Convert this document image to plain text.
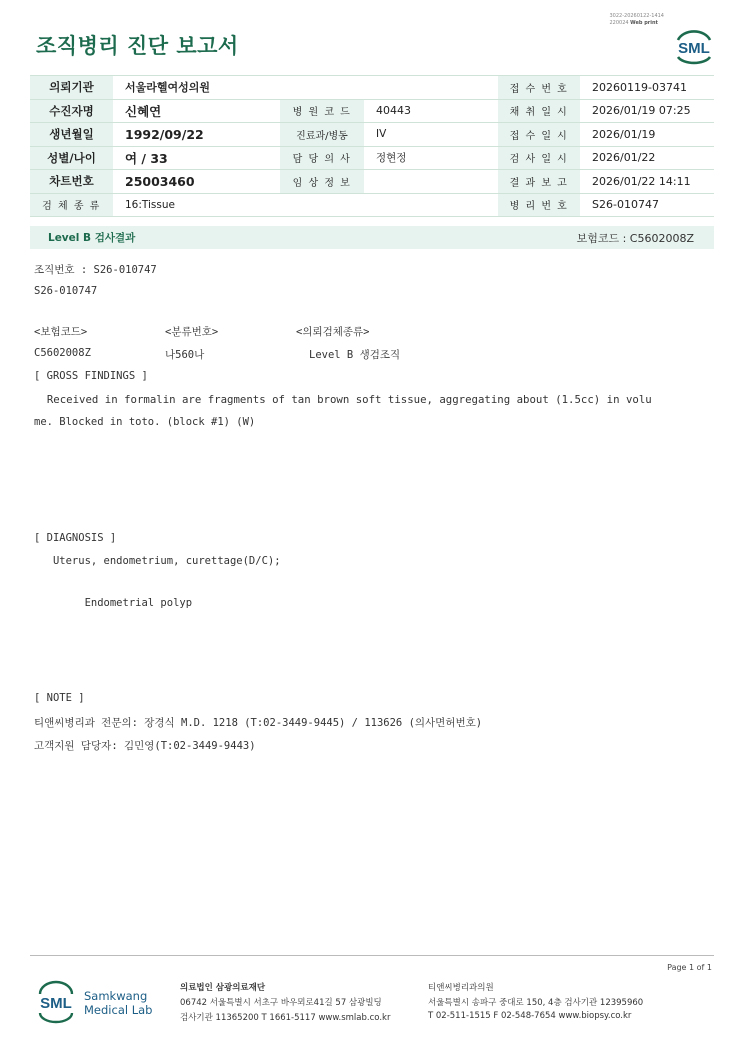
조직병리 진단 보고서
3022-20260122-1414
220024 Web print
SML
의뢰기관	서울라헬여성의원			접 수 번 호	20260119-03741
수진자명	신혜연	병 원 코 드	40443	채 취 일 시	2026/01/19 07:25
생년월일	1992/09/22	진료과/병동	IV	접 수 일 시	2026/01/19
성별/나이	여 / 33	담 당 의 사	정현정	검 사 일 시	2026/01/22
차트번호	25003460	임 상 정 보		결 과 보 고	2026/01/22 14:11
검 체 종 류	16:Tissue			병 리 번 호	S26-010747
Level B 검사결과	보험코드 : C5602008Z
조직번호 : S26-010747
S26-010747
<보험코드>	<분류번호>	<의뢰검체종류>
C5602008Z	나560나	Level B 생검조직
[ GROSS FINDINGS ]
Received in formalin are fragments of tan brown soft tissue, aggregating about (1.5cc) in volu
me. Blocked in toto. (block #1) (W)
[ DIAGNOSIS ]
Uterus, endometrium, curettage(D/C);
Endometrial polyp
[ NOTE ]
티앤씨병리과 전문의: 장경식 M.D. 1218 (T:02-3449-9445) / 113626 (의사면허번호)
고객지원 담당자: 김민영(T:02-3449-9443)
Page 1 of 1
SML Samkwang
Medical Lab
의료법인 삼광의료재단
06742 서울특별시 서초구 바우뫼로41길 57 삼광빌딩
검사기관 11365200 T 1661-5117 www.smlab.co.kr
티앤씨병리과의원
서울특별시 송파구 중대로 150, 4층 검사기관 12395960
T 02-511-1515 F 02-548-7654 www.biopsy.co.kr
